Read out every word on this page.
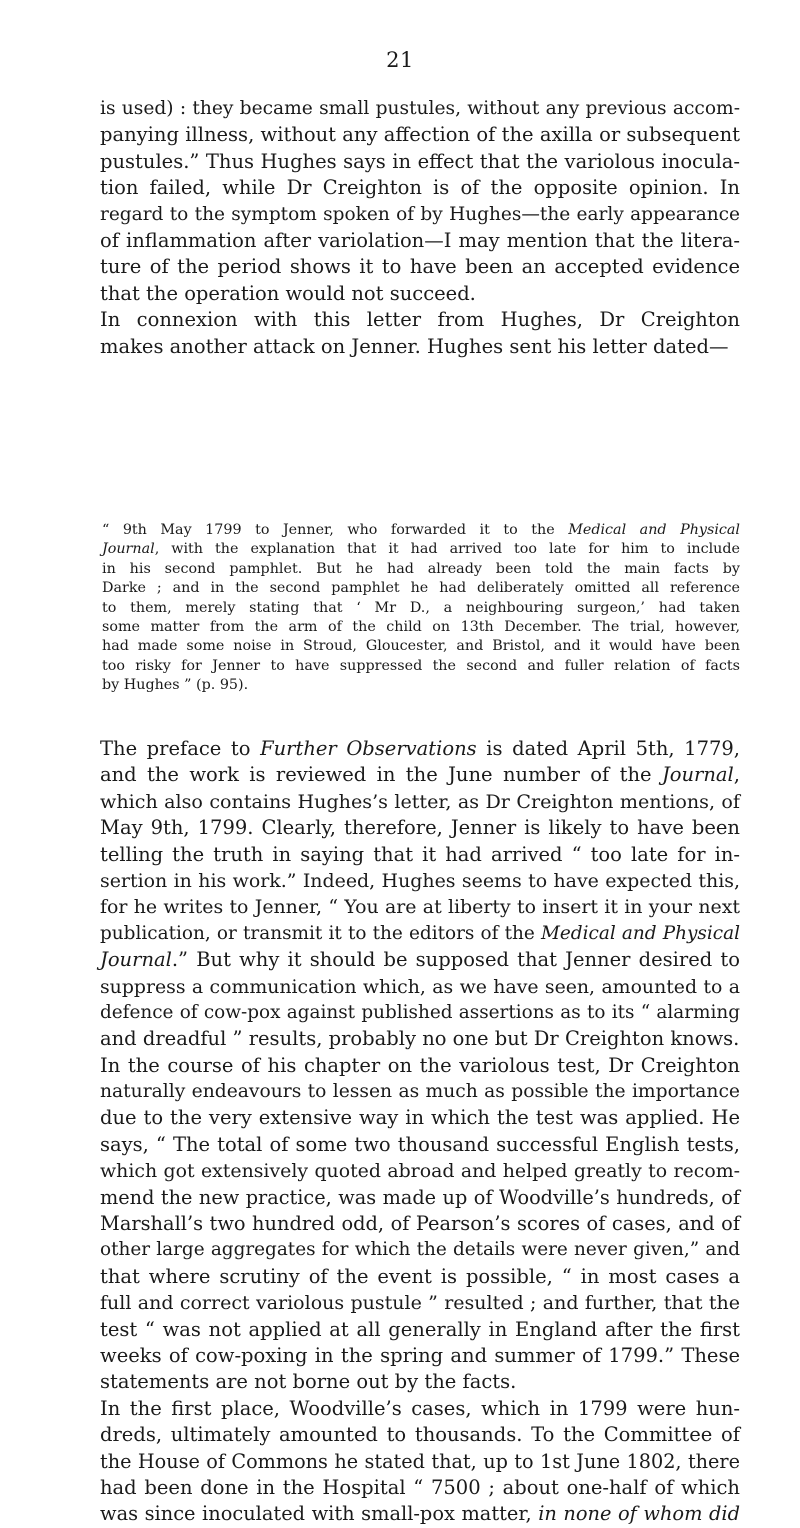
21
is used) : they became small pustules, without any previous accom-
panying illness, without any affection of the axilla or subsequent
pustules.” Thus Hughes says in effect that the variolous inocula-
tion failed, while Dr Creighton is of the opposite opinion. In
regard to the symptom spoken of by Hughes—the early appearance
of inflammation after variolation—I may mention that the litera-
ture of the period shows it to have been an accepted evidence
that the operation would not succeed.
In connexion with this letter from Hughes, Dr Creighton
makes another attack on Jenner. Hughes sent his letter dated—
“ 9th May 1799 to Jenner, who forwarded it to the Medical and Physical
Journal, with the explanation that it had arrived too late for him to include
in his second pamphlet. But he had already been told the main facts by
Darke ; and in the second pamphlet he had deliberately omitted all reference
to them, merely stating that ‘ Mr D., a neighbouring surgeon,’ had taken
some matter from the arm of the child on 13th December. The trial, however,
had made some noise in Stroud, Gloucester, and Bristol, and it would have been
too risky for Jenner to have suppressed the second and fuller relation of facts
by Hughes ” (p. 95).
The preface to Further Observations is dated April 5th, 1779,
and the work is reviewed in the June number of the Journal,
which also contains Hughes’s letter, as Dr Creighton mentions, of
May 9th, 1799. Clearly, therefore, Jenner is likely to have been
telling the truth in saying that it had arrived “ too late for in-
sertion in his work.” Indeed, Hughes seems to have expected this,
for he writes to Jenner, “ You are at liberty to insert it in your next
publication, or transmit it to the editors of the Medical and Physical
Journal.” But why it should be supposed that Jenner desired to
suppress a communication which, as we have seen, amounted to a
defence of cow-pox against published assertions as to its “ alarming
and dreadful ” results, probably no one but Dr Creighton knows.
In the course of his chapter on the variolous test, Dr Creighton
naturally endeavours to lessen as much as possible the importance
due to the very extensive way in which the test was applied. He
says, “ The total of some two thousand successful English tests,
which got extensively quoted abroad and helped greatly to recom-
mend the new practice, was made up of Woodville’s hundreds, of
Marshall’s two hundred odd, of Pearson’s scores of cases, and of
other large aggregates for which the details were never given,” and
that where scrutiny of the event is possible, “ in most cases a
full and correct variolous pustule ” resulted ; and further, that the
test “ was not applied at all generally in England after the first
weeks of cow-poxing in the spring and summer of 1799.” These
statements are not borne out by the facts.
In the first place, Woodville’s cases, which in 1799 were hun-
dreds, ultimately amounted to thousands. To the Committee of
the House of Commons he stated that, up to 1st June 1802, there
had been done in the Hospital “ 7500 ; about one-half of which
was since inoculated with small-pox matter, in none of whom did
